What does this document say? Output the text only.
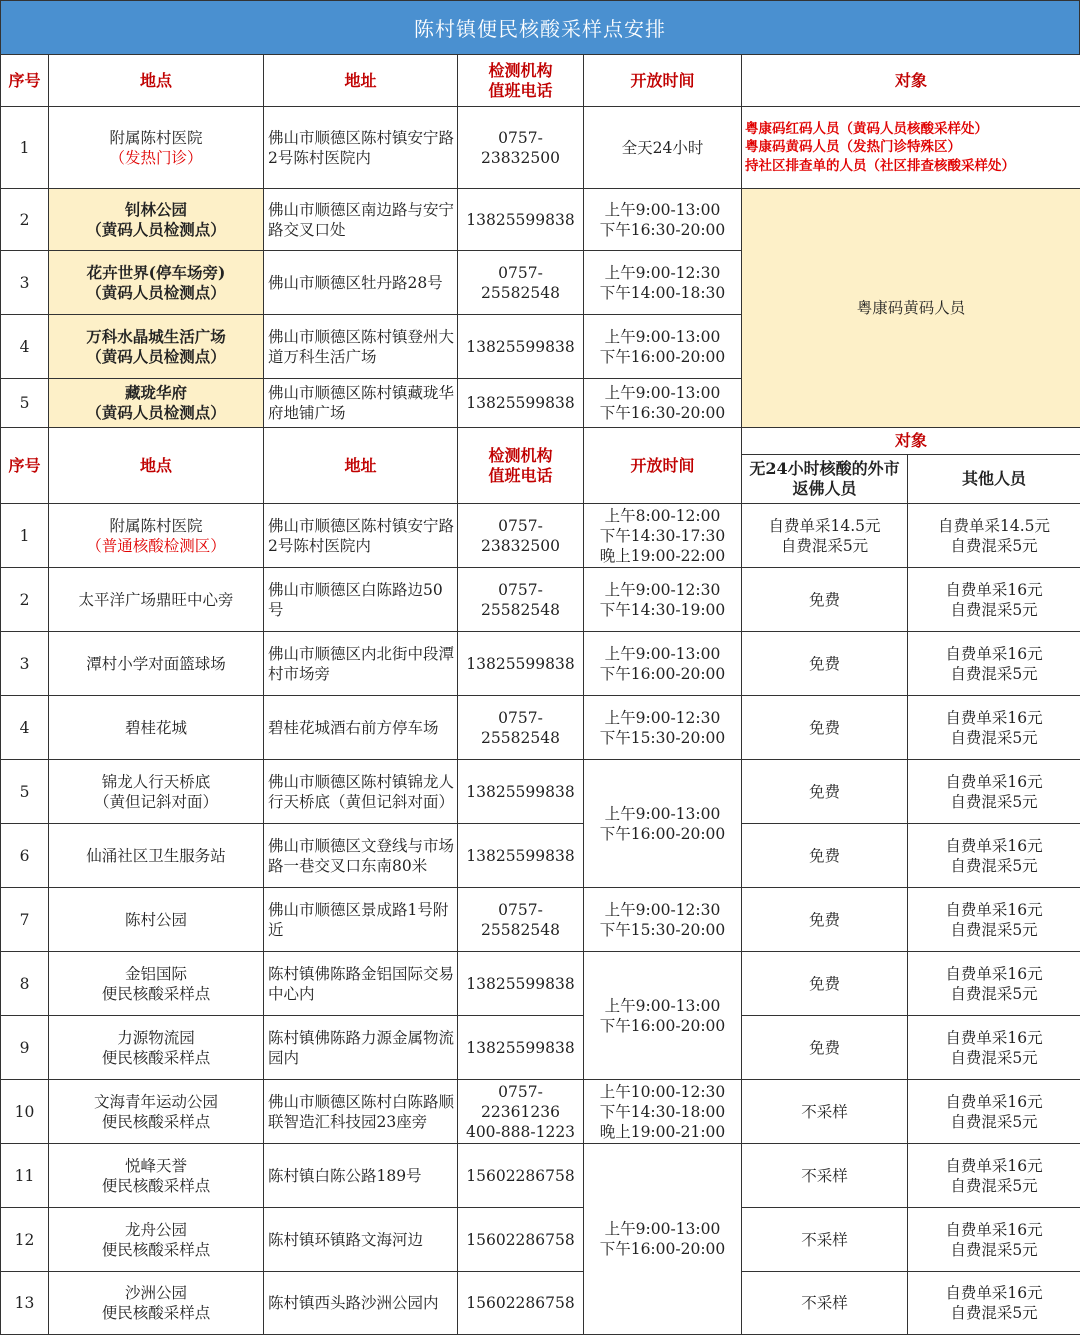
陈村镇便民核酸采样点安排
序号	地点	地址	检测机构
值班电话	开放时间	对象	
1	附属陈村医院
（发热门诊）	佛山市顺德区陈村镇安宁路2号陈村医院内	0757-23832500	全天24小时	粤康码红码人员（黄码人员核酸采样处）
粤康码黄码人员（发热门诊特殊区）
持社区排查单的人员（社区排查核酸采样处）	

2	钊林公园
（黄码人员检测点）	佛山市顺德区南边路与安宁路交叉口处	13825599838	上午9:00-13:00
下午16:30-20:00	粤康码黄码人员	
3	花卉世界(停车场旁)
（黄码人员检测点）	佛山市顺德区牡丹路28号	0757-25582548	上午9:00-12:30
下午14:00-18:30		

4	万科水晶城生活广场
（黄码人员检测点）	佛山市顺德区陈村镇登州大道万科生活广场	13825599838	上午9:00-13:00
下午16:00-20:00		

5	藏珑华府
（黄码人员检测点）	佛山市顺德区陈村镇藏珑华府地铺广场	13825599838	上午9:00-13:00
下午16:30-20:00		

序号	地点	地址	检测机构
值班电话	开放时间	对象	
					无24小时核酸的外市返佛人员	其他人员
1	附属陈村医院
（普通核酸检测区）	佛山市顺德区陈村镇安宁路2号陈村医院内	0757-23832500	上午8:00-12:00
下午14:30-17:30
晚上19:00-22:00	自费单采14.5元
自费混采5元	自费单采14.5元
自费混采5元

2	太平洋广场鼎旺中心旁	佛山市顺德区白陈路边50号	0757-25582548	上午9:00-12:30
下午14:30-19:00	免费	自费单采16元
自费混采5元

3	潭村小学对面篮球场	佛山市顺德区内北街中段潭村市场旁	13825599838	上午9:00-13:00
下午16:00-20:00	免费	自费单采16元
自费混采5元

4	碧桂花城	碧桂花城酒右前方停车场	0757-25582548	上午9:00-12:30
下午15:30-20:00	免费	自费单采16元
自费混采5元

5	锦龙人行天桥底
（黄但记斜对面）	佛山市顺德区陈村镇锦龙人行天桥底（黄但记斜对面）	13825599838	上午9:00-13:00
下午16:00-20:00	免费	自费单采16元
自费混采5元

6	仙涌社区卫生服务站	佛山市顺德区文登线与市场路一巷交叉口东南80米	13825599838		免费	自费单采16元
自费混采5元

7	陈村公园	佛山市顺德区景成路1号附近	0757-25582548	上午9:00-12:30
下午15:30-20:00	免费	自费单采16元
自费混采5元

8	金铝国际
便民核酸采样点	陈村镇佛陈路金铝国际交易中心内	13825599838	上午9:00-13:00
下午16:00-20:00	免费	自费单采16元
自费混采5元

9	力源物流园
便民核酸采样点	陈村镇佛陈路力源金属物流园内	13825599838		免费	自费单采16元
自费混采5元

10	文海青年运动公园
便民核酸采样点	佛山市顺德区陈村白陈路顺联智造汇科技园23座旁	0757-22361236
400-888-1223	上午10:00-12:30
下午14:30-18:00
晚上19:00-21:00	不采样	自费单采16元
自费混采5元

11	悦峰天誉
便民核酸采样点	陈村镇白陈公路189号	15602286758	上午9:00-13:00
下午16:00-20:00	不采样	自费单采16元
自费混采5元

12	龙舟公园
便民核酸采样点	陈村镇环镇路文海河边	15602286758		不采样	自费单采16元
自费混采5元

13	沙洲公园
便民核酸采样点	陈村镇西头路沙洲公园内	15602286758		不采样	自费单采16元
自费混采5元
